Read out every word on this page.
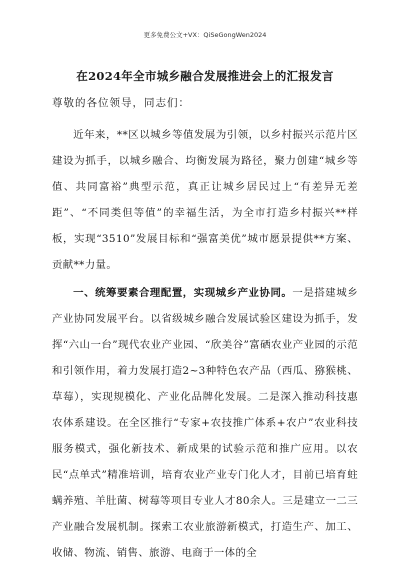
更多免费公文+VX：QiSeGongWen2024
在2024年全市城乡融合发展推进会上的汇报发言
尊敬的各位领导，同志们：

近年来，**区以城乡等值发展为引领，以乡村振兴示范片区建设为抓手，以城乡融合、均衡发展为路径，聚力创建“城乡等值、共同富裕”典型示范，真正让城乡居民过上“有差异无差距”、“不同类但等值”的幸福生活，为全市打造乡村振兴**样板，实现“3510”发展目标和“强富美优”城市愿景提供**方案、贡献**力量。

一、统筹要素合理配置，实现城乡产业协同。一是搭建城乡产业协同发展平台。以省级城乡融合发展试验区建设为抓手，发挥“六山一台”现代农业产业园、“欣美谷”富硒农业产业园的示范和引领作用，着力发展打造2~3种特色农产品（西瓜、猕猴桃、草莓），实现规模化、产业化品牌化发展。二是深入推动科技惠农体系建设。在全区推行“专家+农技推广体系+农户”农业科技服务模式，强化新技术、新成果的试验示范和推广应用。以农民“点单式”精准培训，培育农业产业专门化人才，目前已培育蛀螨养殖、羊肚菌、树莓等项目专业人才80余人。三是建立一二三产业融合发展机制。探索工农业旅游新模式，打造生产、加工、收储、物流、销售、旅游、电商于一体的全
